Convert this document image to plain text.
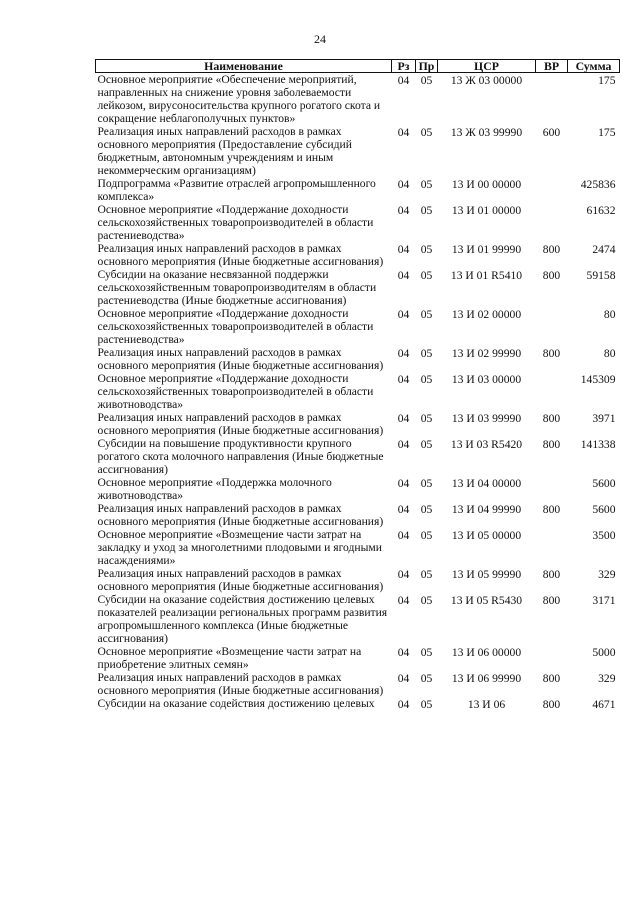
24
Наименование	Рз	Пр	ЦСР	ВР	Сумма
Основное мероприятие «Обеспечение мероприятий, направленных на снижение уровня заболеваемости лейкозом, вирусоносительства крупного рогатого скота и сокращение неблагополучных пунктов»	04	05	13 Ж 03 00000		175
Реализация иных направлений расходов в рамках основного мероприятия (Предоставление субсидий бюджетным, автономным учреждениям и иным некоммерческим организациям)	04	05	13 Ж 03 99990	600	175
Подпрограмма «Развитие отраслей агропромышленного комплекса»	04	05	13 И 00 00000		425836
Основное мероприятие «Поддержание доходности сельскохозяйственных товаропроизводителей в области растениеводства»	04	05	13 И 01 00000		61632
Реализация иных направлений расходов в рамках основного мероприятия (Иные бюджетные ассигнования)	04	05	13 И 01 99990	800	2474
Субсидии на оказание несвязанной поддержки сельскохозяйственным товаропроизводителям в области растениеводства (Иные бюджетные ассигнования)	04	05	13 И 01 R5410	800	59158
Основное мероприятие «Поддержание доходности сельскохозяйственных товаропроизводителей в области растениеводства»	04	05	13 И 02 00000		80
Реализация иных направлений расходов в рамках основного мероприятия (Иные бюджетные ассигнования)	04	05	13 И 02 99990	800	80
Основное мероприятие «Поддержание доходности сельскохозяйственных товаропроизводителей в области животноводства»	04	05	13 И 03 00000		145309
Реализация иных направлений расходов в рамках основного мероприятия (Иные бюджетные ассигнования)	04	05	13 И 03 99990	800	3971
Субсидии на повышение продуктивности крупного рогатого скота молочного направления (Иные бюджетные ассигнования)	04	05	13 И 03 R5420	800	141338
Основное мероприятие «Поддержка молочного животноводства»	04	05	13 И 04 00000		5600
Реализация иных направлений расходов в рамках основного мероприятия (Иные бюджетные ассигнования)	04	05	13 И 04 99990	800	5600
Основное мероприятие «Возмещение части затрат на закладку и уход за многолетними плодовыми и ягодными насаждениями»	04	05	13 И 05 00000		3500
Реализация иных направлений расходов в рамках основного мероприятия (Иные бюджетные ассигнования)	04	05	13 И 05 99990	800	329
Субсидии на оказание содействия достижению целевых показателей реализации региональных программ развития агропромышленного комплекса (Иные бюджетные ассигнования)	04	05	13 И 05 R5430	800	3171
Основное мероприятие «Возмещение части затрат на приобретение элитных семян»	04	05	13 И 06 00000		5000
Реализация иных направлений расходов в рамках основного мероприятия (Иные бюджетные ассигнования)	04	05	13 И 06 99990	800	329
Субсидии на оказание содействия достижению целевых	04	05	13 И 06	800	4671
